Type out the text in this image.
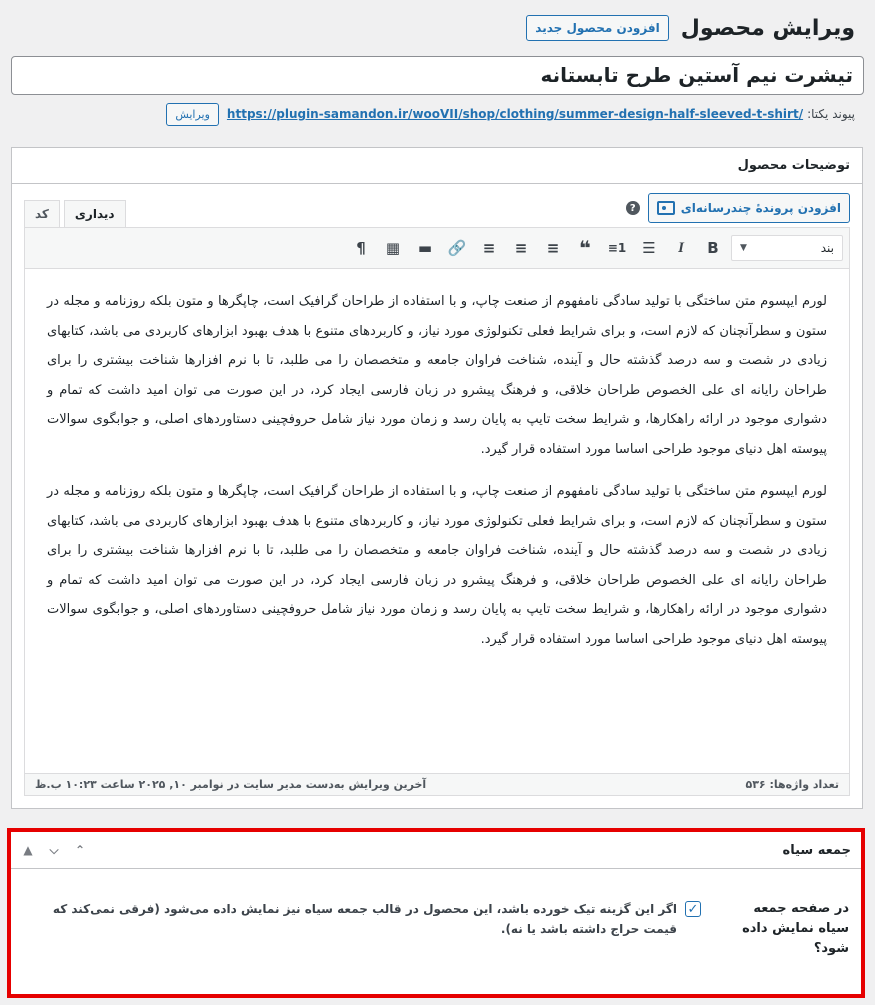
ویرایش محصول
افزودن محصول جدید
تیشرت نیم آستین طرح تابستانه
پیوند یکتا:
https://plugin-samandon.ir/wooVII/shop/clothing/summer-design-half-sleeved-t-shirt/
ویرایش
توضیحات محصول
افزودن پروندهٔ چندرسانه‌ای
?
کد	دیداری
بند
▼
B
I
☰
1≡
❝
≡
≡
≡
🔗
▬
▦
¶

لورم ایپسوم متن ساختگی با تولید سادگی نامفهوم از صنعت چاپ، و با استفاده از طراحان گرافیک است، چاپگرها و متون بلکه روزنامه و مجله در ستون و سطرآنچنان که لازم است، و برای شرایط فعلی تکنولوژی مورد نیاز، و کاربردهای متنوع با هدف بهبود ابزارهای کاربردی می باشد، کتابهای زیادی در شصت و سه درصد گذشته حال و آینده، شناخت فراوان جامعه و متخصصان را می طلبد، تا با نرم افزارها شناخت بیشتری را برای طراحان رایانه ای علی الخصوص طراحان خلاقی، و فرهنگ پیشرو در زبان فارسی ایجاد کرد، در این صورت می توان امید داشت که تمام و دشواری موجود در ارائه راهکارها، و شرایط سخت تایپ به پایان رسد و زمان مورد نیاز شامل حروفچینی دستاوردهای اصلی، و جوابگوی سوالات پیوسته اهل دنیای موجود طراحی اساسا مورد استفاده قرار گیرد.

لورم ایپسوم متن ساختگی با تولید سادگی نامفهوم از صنعت چاپ، و با استفاده از طراحان گرافیک است، چاپگرها و متون بلکه روزنامه و مجله در ستون و سطرآنچنان که لازم است، و برای شرایط فعلی تکنولوژی مورد نیاز، و کاربردهای متنوع با هدف بهبود ابزارهای کاربردی می باشد، کتابهای زیادی در شصت و سه درصد گذشته حال و آینده، شناخت فراوان جامعه و متخصصان را می طلبد، تا با نرم افزارها شناخت بیشتری را برای طراحان رایانه ای علی الخصوص طراحان خلاقی، و فرهنگ پیشرو در زبان فارسی ایجاد کرد، در این صورت می توان امید داشت که تمام و دشواری موجود در ارائه راهکارها، و شرایط سخت تایپ به پایان رسد و زمان مورد نیاز شامل حروفچینی دستاوردهای اصلی، و جوابگوی سوالات پیوسته اهل دنیای موجود طراحی اساسا مورد استفاده قرار گیرد.

تعداد واژه‌ها: ۵۳۶
آخرین ویرایش به‌دست مدیر سایت در نوامبر ۱۰, ۲۰۲۵ ساعت ۱۰:۲۳ ب.ظ
جمعه سیاه
▲	⌵	⌃
در صفحه جمعه سیاه نمایش داده شود؟
✓
اگر این گزینه تیک خورده باشد، این محصول در قالب جمعه سیاه نیز نمایش داده می‌شود (فرقی نمی‌کند که قیمت حراج داشته باشد یا نه).
